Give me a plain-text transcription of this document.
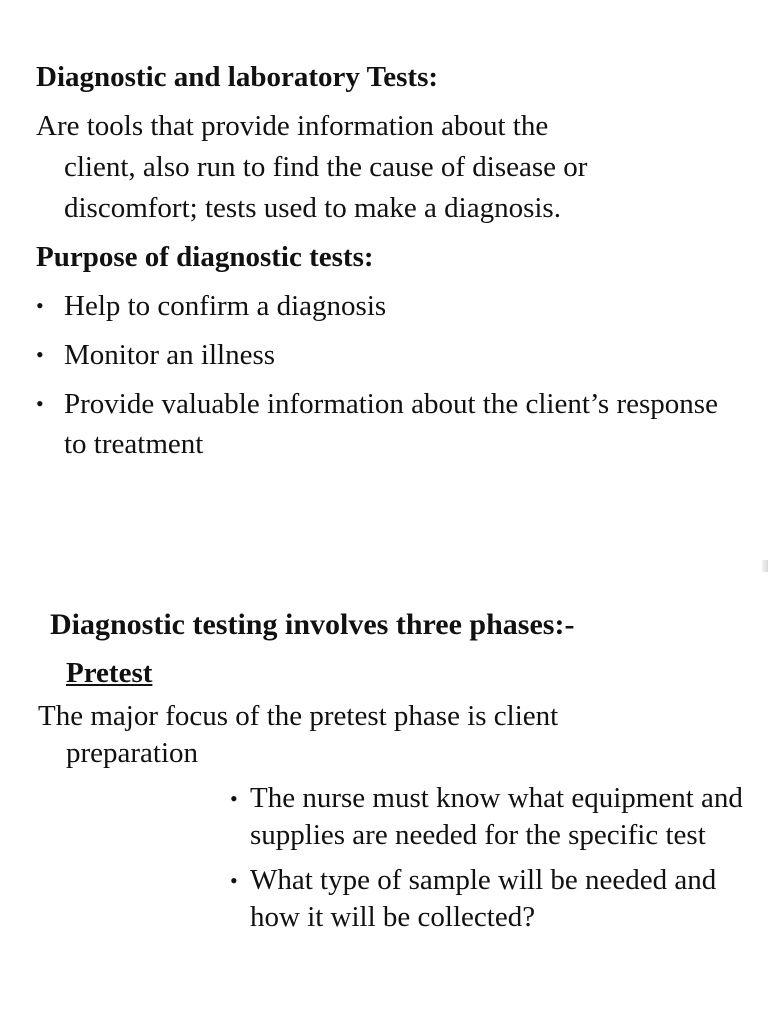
Diagnostic and laboratory Tests:

Are tools that provide information about the
client, also run to find the cause of disease or
discomfort; tests used to make a diagnosis.

Purpose of diagnostic tests:
• Help to confirm a diagnosis
• Monitor an illness
• Provide valuable information about the client’s response to treatment
Diagnostic testing involves three phases:-
Pretest

The major focus of the pretest phase is client
preparation

• The nurse must know what equipment and supplies are needed for the specific test
• What type of sample will be needed and how it will be collected?
